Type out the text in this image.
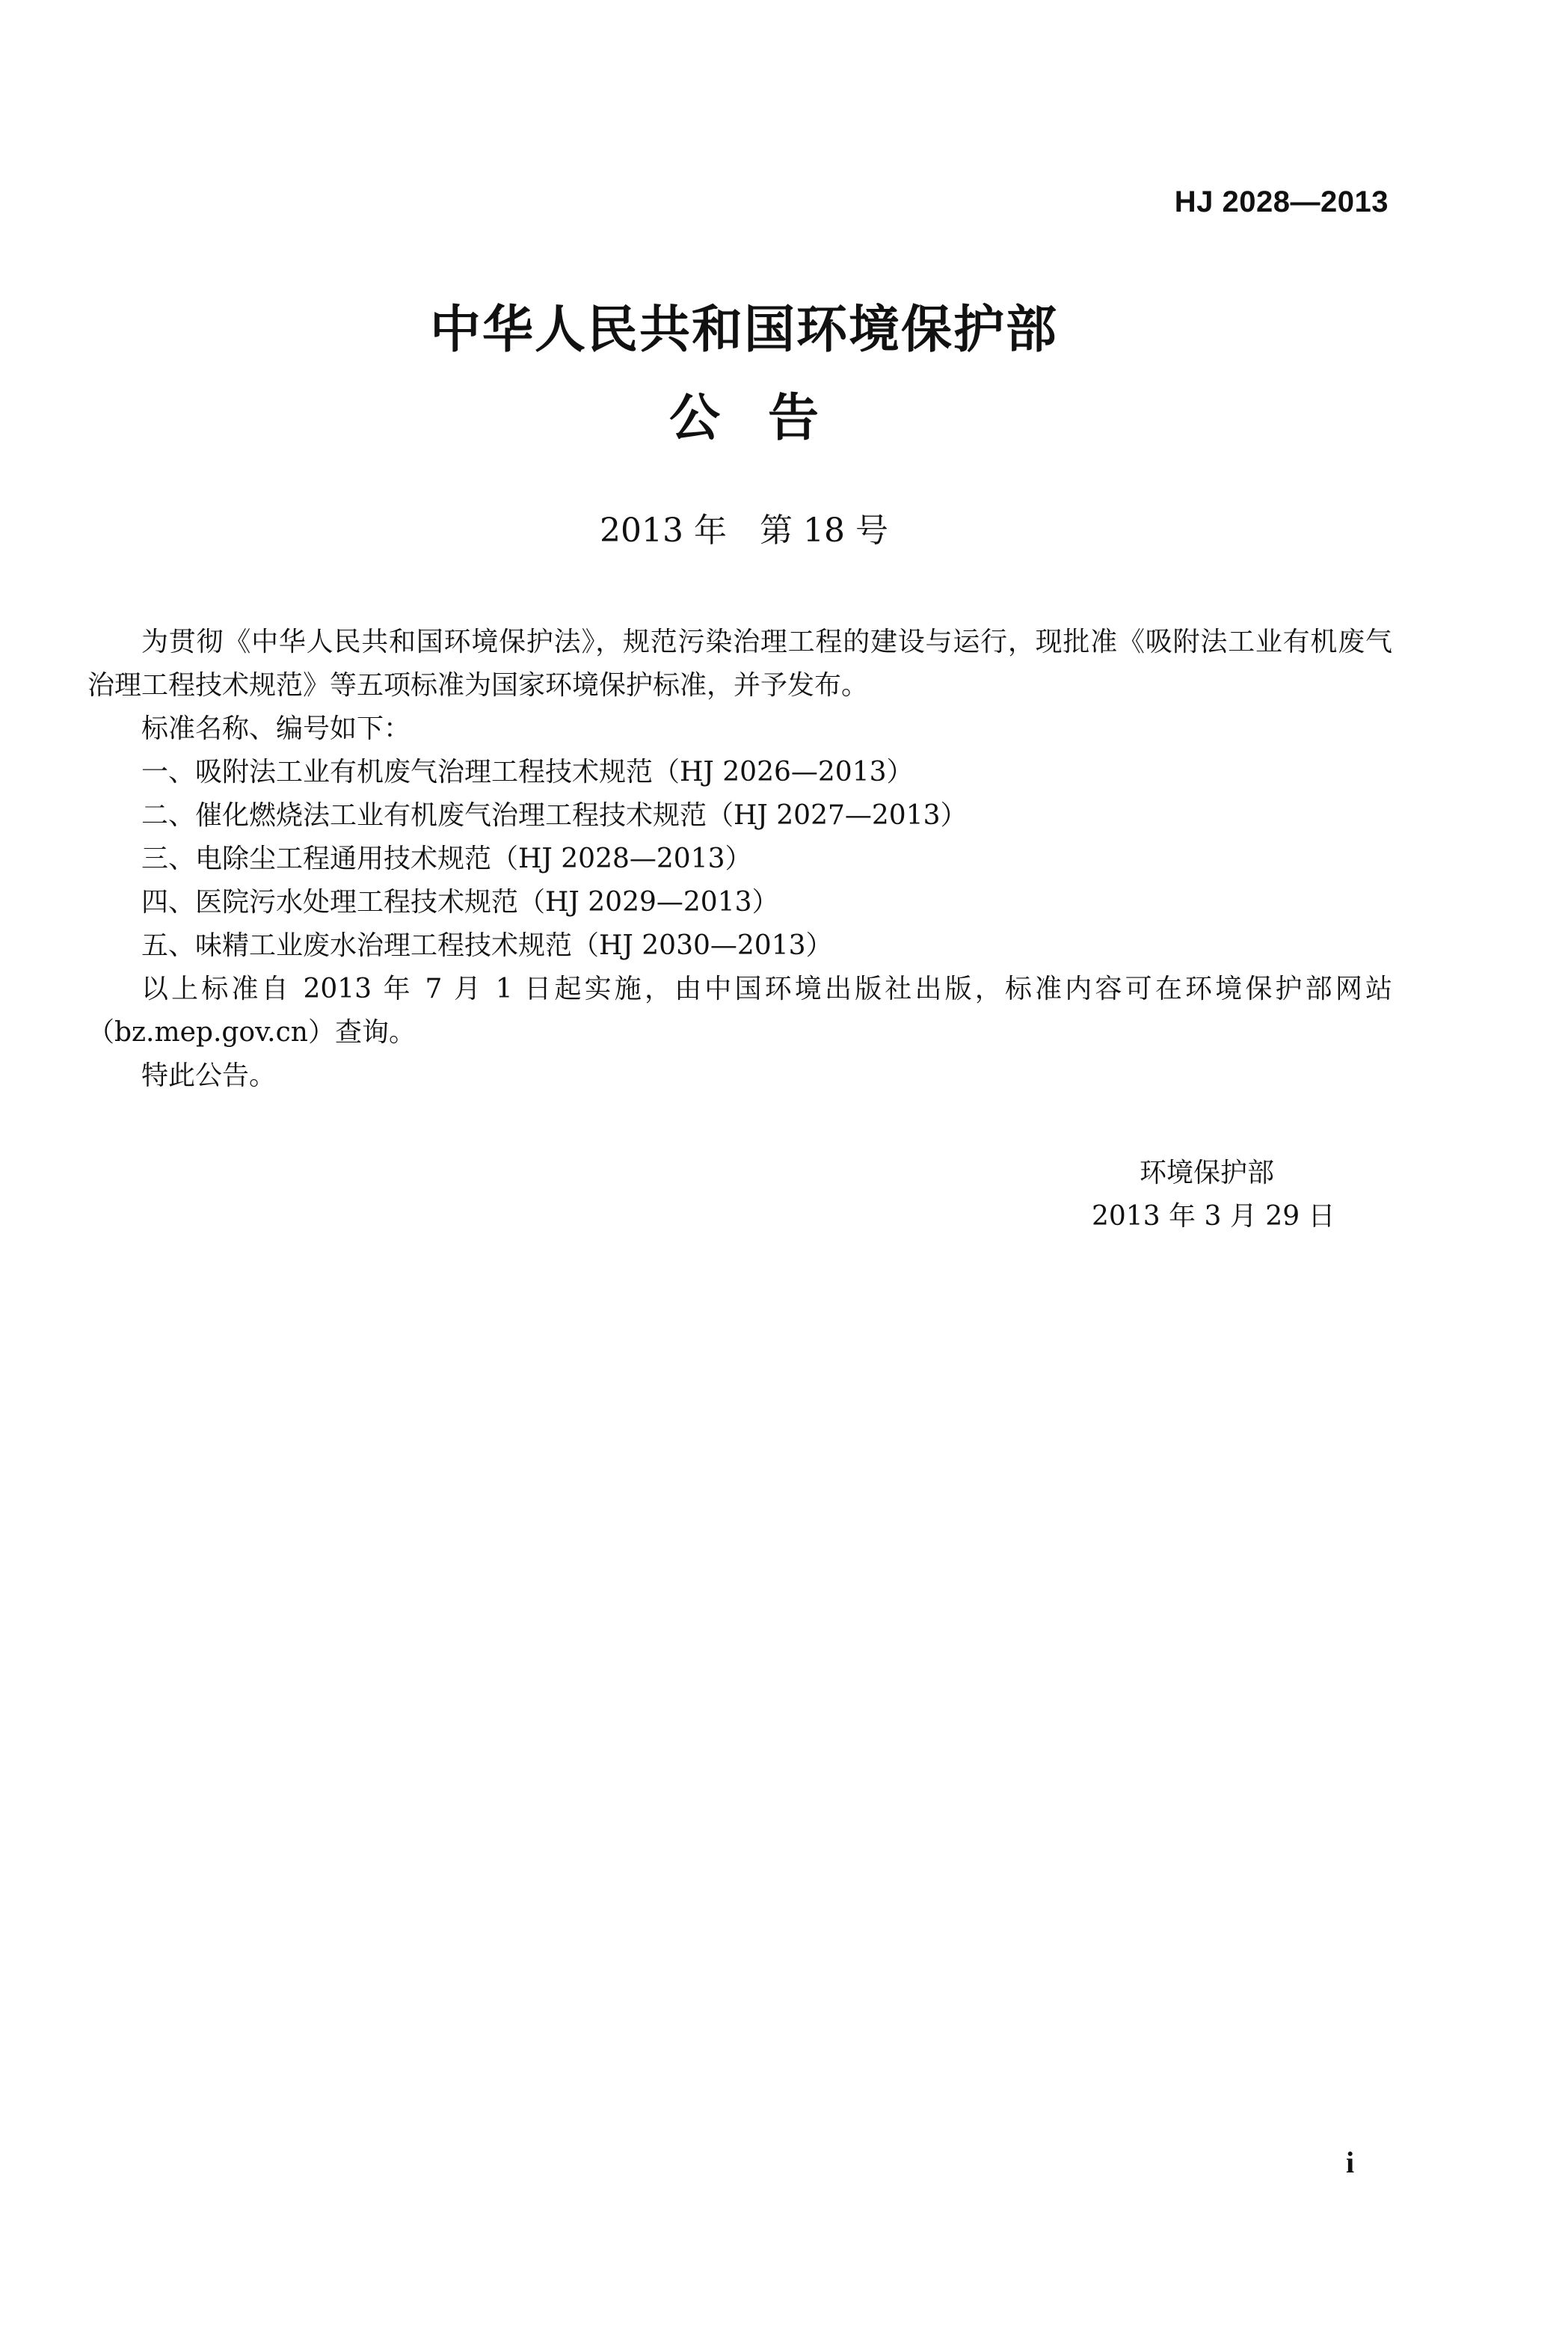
HJ 2028—2013
中华人民共和国环境保护部
公告
2013 年　第 18 号

为贯彻《中华人民共和国环境保护法》，规范污染治理工程的建设与运行，现批准《吸附法工业有机废气治理工程技术规范》等五项标准为国家环境保护标准，并予发布。

标准名称、编号如下：

一、吸附法工业有机废气治理工程技术规范（HJ 2026—2013）
二、催化燃烧法工业有机废气治理工程技术规范（HJ 2027—2013）
三、电除尘工程通用技术规范（HJ 2028—2013）
四、医院污水处理工程技术规范（HJ 2029—2013）
五、味精工业废水治理工程技术规范（HJ 2030—2013）

以上标准自 2013 年 7 月 1 日起实施，由中国环境出版社出版，标准内容可在环境保护部网站（bz.mep.gov.cn）查询。

特此公告。

环境保护部
2013 年 3 月 29 日
i
